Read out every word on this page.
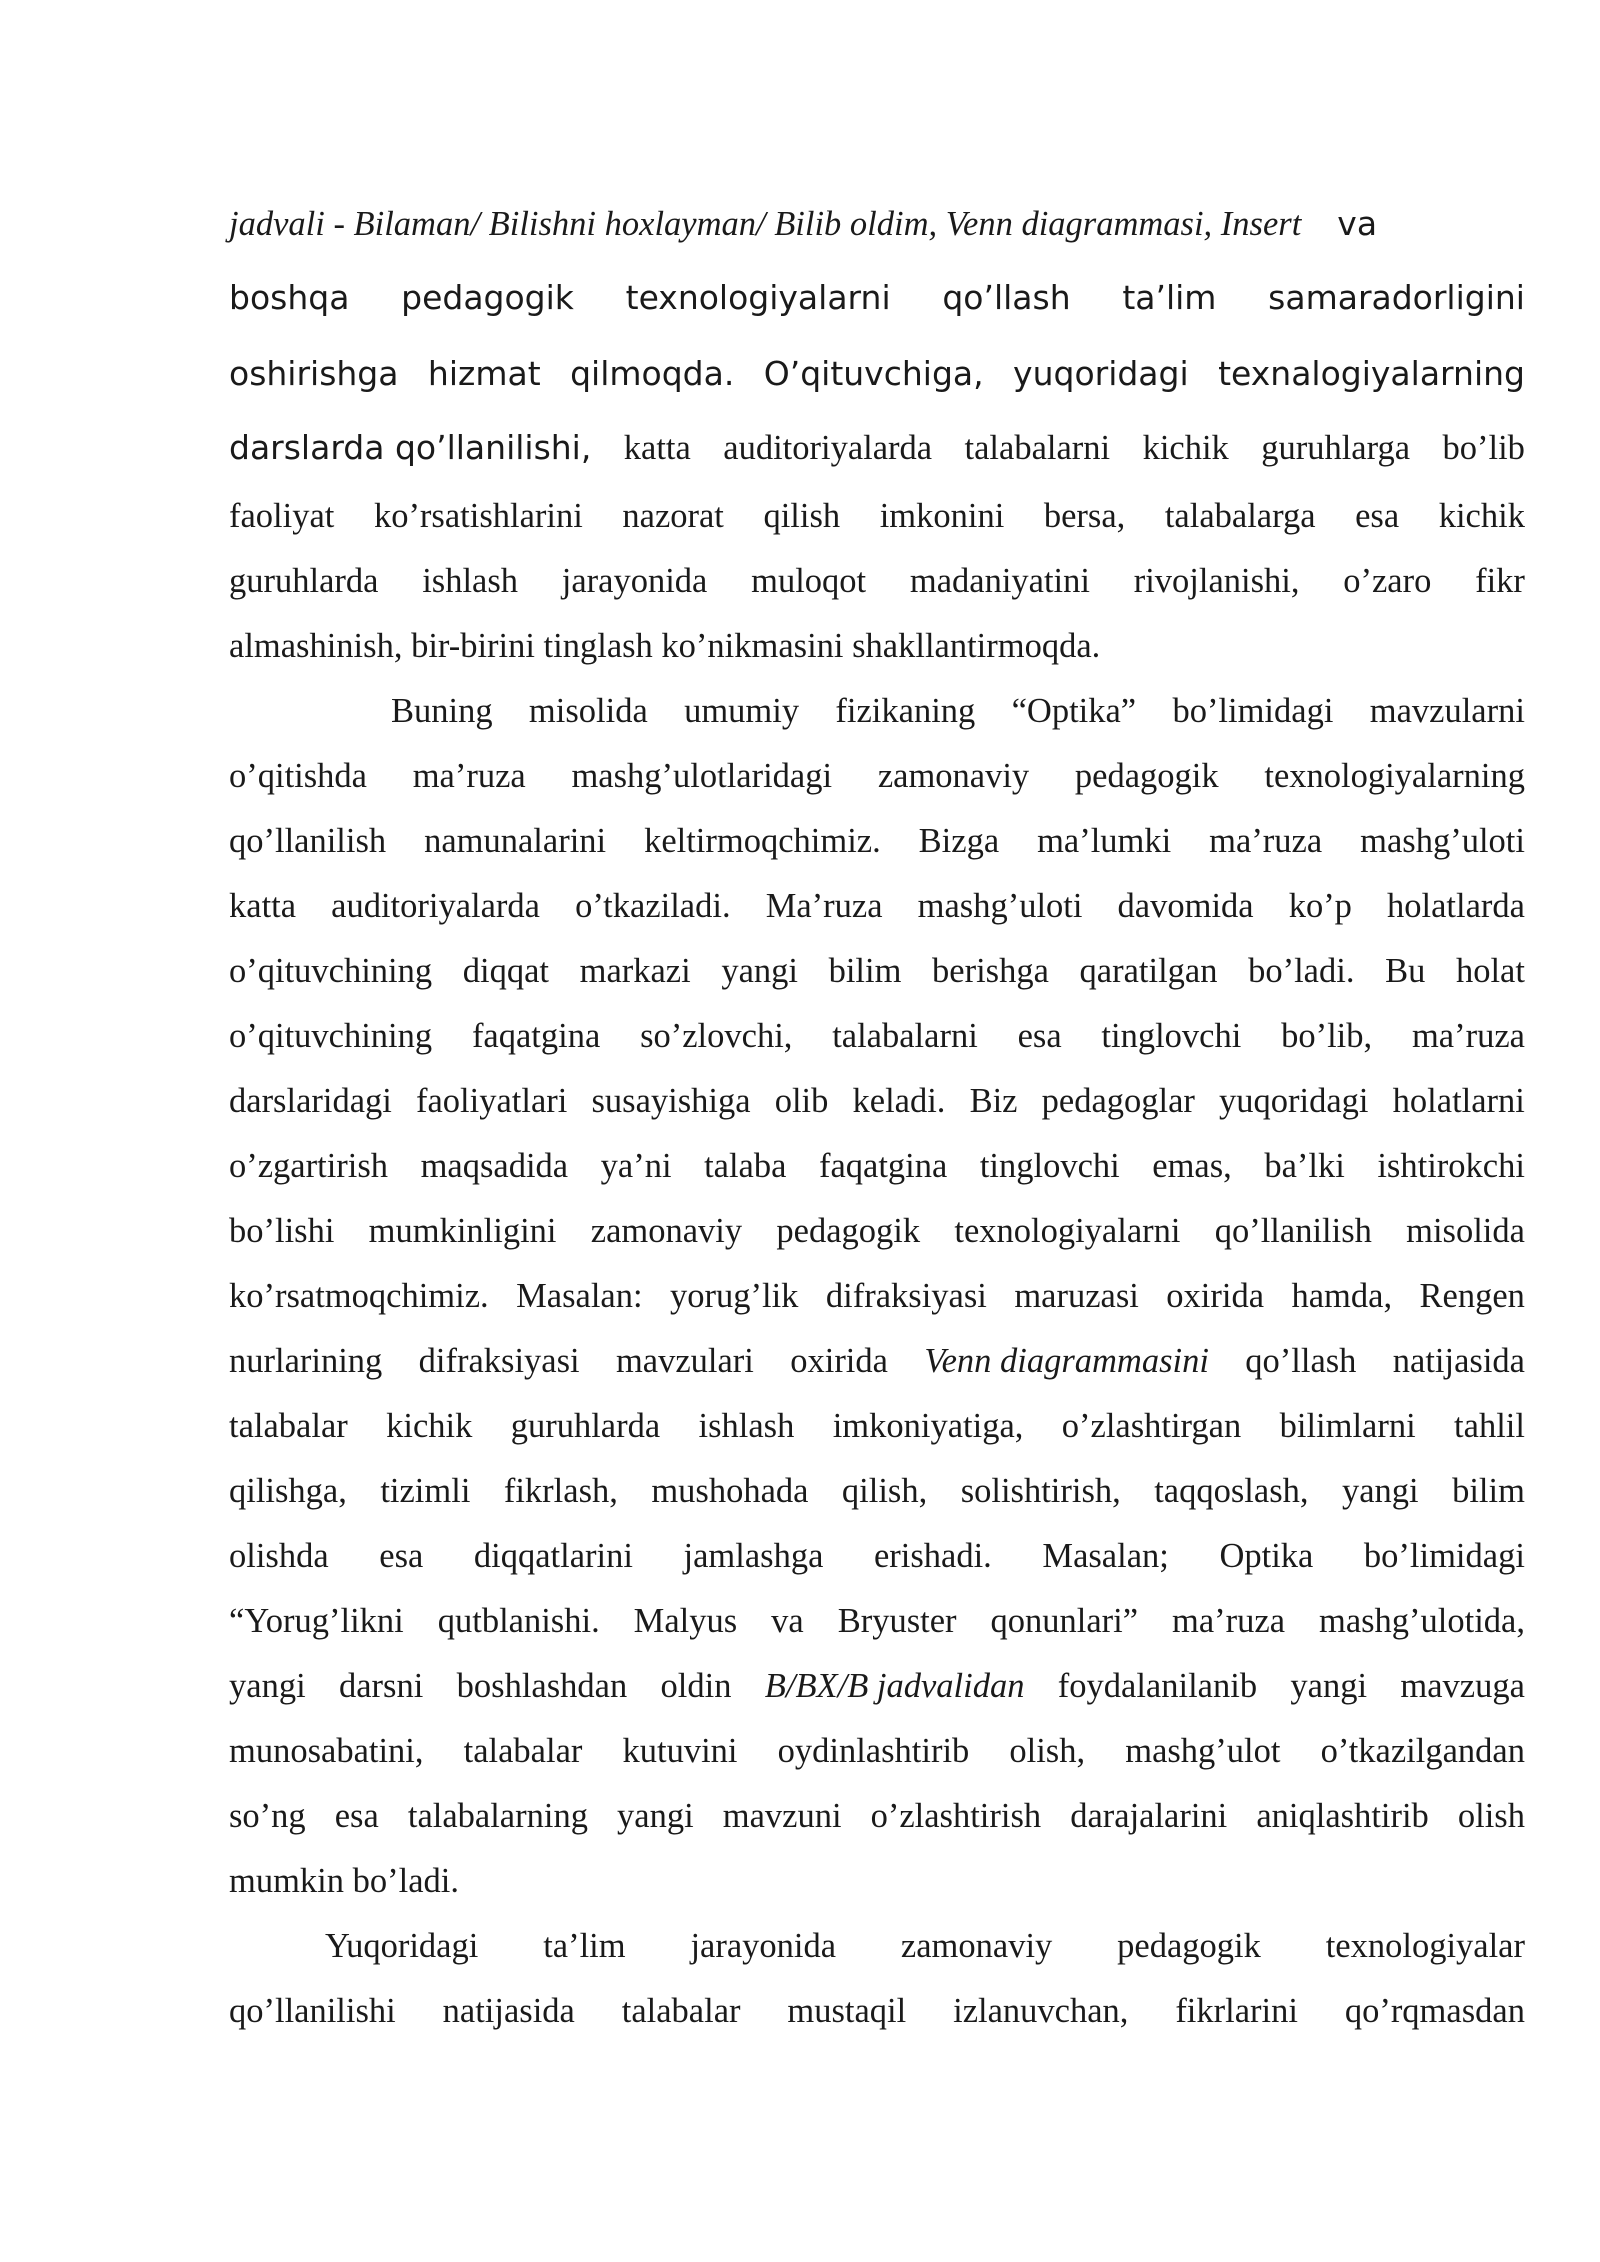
jadvali - Bilaman/ Bilishni hoxlayman/ Bilib oldim, Venn diagrammasi, Insert va
boshqa pedagogik texnologiyalarni qo’llash ta’lim samaradorligini
oshirishga hizmat qilmoqda. O’qituvchiga, yuqoridagi texnalogiyalarning
darslarda qo’llanilishi, katta auditoriyalarda talabalarni kichik guruhlarga bo’lib
faoliyat ko’rsatishlarini nazorat qilish imkonini bersa, talabalarga esa kichik
guruhlarda ishlash jarayonida muloqot madaniyatini rivojlanishi, o’zaro fikr
almashinish, bir-birini tinglash ko’nikmasini shakllantirmoqda.
Buning misolida umumiy fizikaning “Optika” bo’limidagi mavzularni
o’qitishda ma’ruza mashg’ulotlaridagi zamonaviy pedagogik texnologiyalarning
qo’llanilish namunalarini keltirmoqchimiz. Bizga ma’lumki ma’ruza mashg’uloti
katta auditoriyalarda o’tkaziladi. Ma’ruza mashg’uloti davomida ko’p holatlarda
o’qituvchining diqqat markazi yangi bilim berishga qaratilgan bo’ladi. Bu holat
o’qituvchining faqatgina so’zlovchi, talabalarni esa tinglovchi bo’lib, ma’ruza
darslaridagi faoliyatlari susayishiga olib keladi. Biz pedagoglar yuqoridagi holatlarni
o’zgartirish maqsadida ya’ni talaba faqatgina tinglovchi emas, ba’lki ishtirokchi
bo’lishi mumkinligini zamonaviy pedagogik texnologiyalarni qo’llanilish misolida
ko’rsatmoqchimiz. Masalan: yorug’lik difraksiyasi maruzasi oxirida hamda, Rengen
nurlarining difraksiyasi mavzulari oxirida Venn diagrammasini qo’llash natijasida
talabalar kichik guruhlarda ishlash imkoniyatiga, o’zlashtirgan bilimlarni tahlil
qilishga, tizimli fikrlash, mushohada qilish, solishtirish, taqqoslash, yangi bilim
olishda esa diqqatlarini jamlashga erishadi. Masalan; Optika bo’limidagi
“Yorug’likni qutblanishi. Malyus va Bryuster qonunlari” ma’ruza mashg’ulotida,
yangi darsni boshlashdan oldin B/BX/B jadvalidan foydalanilanib yangi mavzuga
munosabatini, talabalar kutuvini oydinlashtirib olish, mashg’ulot o’tkazilgandan
so’ng esa talabalarning yangi mavzuni o’zlashtirish darajalarini aniqlashtirib olish
mumkin bo’ladi.
Yuqoridagi ta’lim jarayonida zamonaviy pedagogik texnologiyalar
qo’llanilishi natijasida talabalar mustaqil izlanuvchan, fikrlarini qo’rqmasdan
